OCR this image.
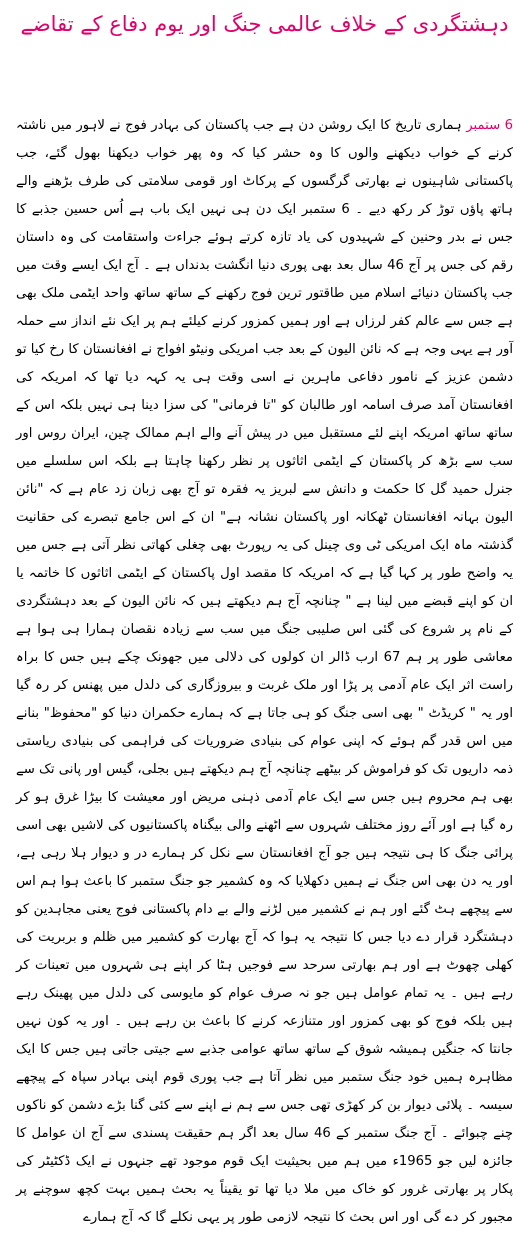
دہشتگردی کے خلاف عالمی جنگ اور یوم دفاع کے تقاضے

6 ستمبر ہماری تاریخ کا ایک روشن دن ہے جب پاکستان کی بہادر فوج نے لاہور میں ناشتہ کرنے کے خواب دیکھنے والوں کا وہ حشر کیا کہ وہ پھر خواب دیکھنا بھول گئے، جب پاکستانی شاہینوں نے بھارتی گرگسوں کے پرکاٹ اور قومی سلامتی کی طرف بڑھنے والے ہاتھ پاؤں توڑ کر رکھ دیے ۔ 6 ستمبر ایک دن ہی نہیں ایک باب ہے اُس حسین جذبے کا جس نے بدر وحنین کے شہیدوں کی یاد تازہ کرتے ہوئے جراءت واستقامت کی وہ داستان رقم کی جس پر آج 46 سال بعد بھی پوری دنیا انگشت بدنداں ہے ۔ آج ایک ایسے وقت میں جب پاکستان دنیائے اسلام میں طاقتور ترین فوج رکھنے کے ساتھ ساتھ واحد ایٹمی ملک بھی ہے جس سے عالم کفر لرزاں ہے اور ہمیں کمزور کرنے کیلئے ہم پر ایک نئے انداز سے حملہ آور ہے یہی وجہ ہے کہ نائن الیون کے بعد جب امریکی ونیٹو افواج نے افغانستان کا رخ کیا تو دشمن عزیز کے نامور دفاعی ماہرین نے اسی وقت ہی یہ کہہ دیا تھا کہ امریکہ کی افغانستان آمد صرف اسامہ اور طالبان کو "تا فرمانی" کی سزا دینا ہی نہیں بلکہ اس کے ساتھ ساتھ امریکہ اپنے لئے مستقبل میں در پیش آنے والے اہم ممالک چین، ایران روس اور سب سے بڑھ کر پاکستان کے ایٹمی اثاثوں پر نظر رکھنا چاہتا ہے بلکہ اس سلسلے میں جنرل حمید گل کا حکمت و دانش سے لبریز یہ فقرہ تو آج بھی زبان زد عام ہے کہ "نائن الیون بہانہ افغانستان ٹھکانہ اور پاکستان نشانہ ہے" ان کے اس جامع تبصرے کی حقانیت گذشتہ ماہ ایک امریکی ٹی وی چینل کی یہ رپورٹ بھی چغلی کھاتی نظر آتی ہے جس میں یہ واضح طور پر کہا گیا ہے کہ امریکہ کا مقصد اول پاکستان کے ایٹمی اثاثوں کا خاتمہ یا ان کو اپنے قبضے میں لینا ہے " چنانچہ آج ہم دیکھتے ہیں کہ نائن الیون کے بعد دہشتگردی کے نام پر شروع کی گئی اس صلیبی جنگ میں سب سے زیادہ نقصان ہمارا ہی ہوا ہے معاشی طور پر ہم 67 ارب ڈالر ان کولوں کی دلالی میں جھونک چکے ہیں جس کا براہ راست اثر ایک عام آدمی پر پڑا اور ملک غربت و بیروزگاری کی دلدل میں پھنس کر رہ گیا اور یہ " کریڈٹ " بھی اسی جنگ کو ہی جاتا ہے کہ ہمارے حکمران دنیا کو "محفوظ" بنانے میں اس قدر گم ہوئے کہ اپنی عوام کی بنیادی ضروریات کی فراہمی کی بنیادی ریاستی ذمہ داریوں تک کو فراموش کر بیٹھے چنانچہ آج ہم دیکھتے ہیں بجلی، گیس اور پانی تک سے بھی ہم محروم ہیں جس سے ایک عام آدمی ذہنی مریض اور معیشت کا بیڑا غرق ہو کر رہ گیا ہے اور آئے روز مختلف شہروں سے اٹھنے والی بیگناہ پاکستانیوں کی لاشیں بھی اسی پرائی جنگ کا ہی نتیجہ ہیں جو آج افغانستان سے نکل کر ہمارے در و دیوار ہلا رہی ہے، اور یہ دن بھی اس جنگ نے ہمیں دکھلایا کہ وہ کشمیر جو جنگ ستمبر کا باعث ہوا ہم اس سے پیچھے ہٹ گئے اور ہم نے کشمیر میں لڑنے والے بے دام پاکستانی فوج یعنی مجاہدین کو دہشتگرد قرار دے دیا جس کا نتیجہ یہ ہوا کہ آج بھارت کو کشمیر میں ظلم و بربریت کی کھلی چھوٹ ہے اور ہم بھارتی سرحد سے فوجیں ہٹا کر اپنے ہی شہروں میں تعینات کر رہے ہیں ۔ یہ تمام عوامل ہیں جو نہ صرف عوام کو مایوسی کی دلدل میں پھینک رہے ہیں بلکہ فوج کو بھی کمزور اور متنازعہ کرنے کا باعث بن رہے ہیں ۔ اور یہ کون نہیں جانتا کہ جنگیں ہمیشہ شوق کے ساتھ ساتھ عوامی جذبے سے جیتی جاتی ہیں جس کا ایک مظاہرہ ہمیں خود جنگ ستمبر میں نظر آتا ہے جب پوری قوم اپنی بہادر سپاہ کے پیچھے سیسہ ۔ پلائی دیوار بن کر کھڑی تھی جس سے ہم نے اپنے سے کئی گنا بڑے دشمن کو ناکوں چنے چبوائے ۔ آج جنگ ستمبر کے 46 سال بعد اگر ہم حقیقت پسندی سے آج ان عوامل کا جائزہ لیں جو 1965ء میں ہم میں بحیثیت ایک قوم موجود تھے جنہوں نے ایک ڈکٹیٹر کی پکار پر بھارتی غرور کو خاک میں ملا دیا تھا تو یقیناً یہ بحث ہمیں بہت کچھ سوچنے پر مجبور کر دے گی اور اس بحث کا نتیجہ لازمی طور پر یہی نکلے گا کہ آج ہمارے
